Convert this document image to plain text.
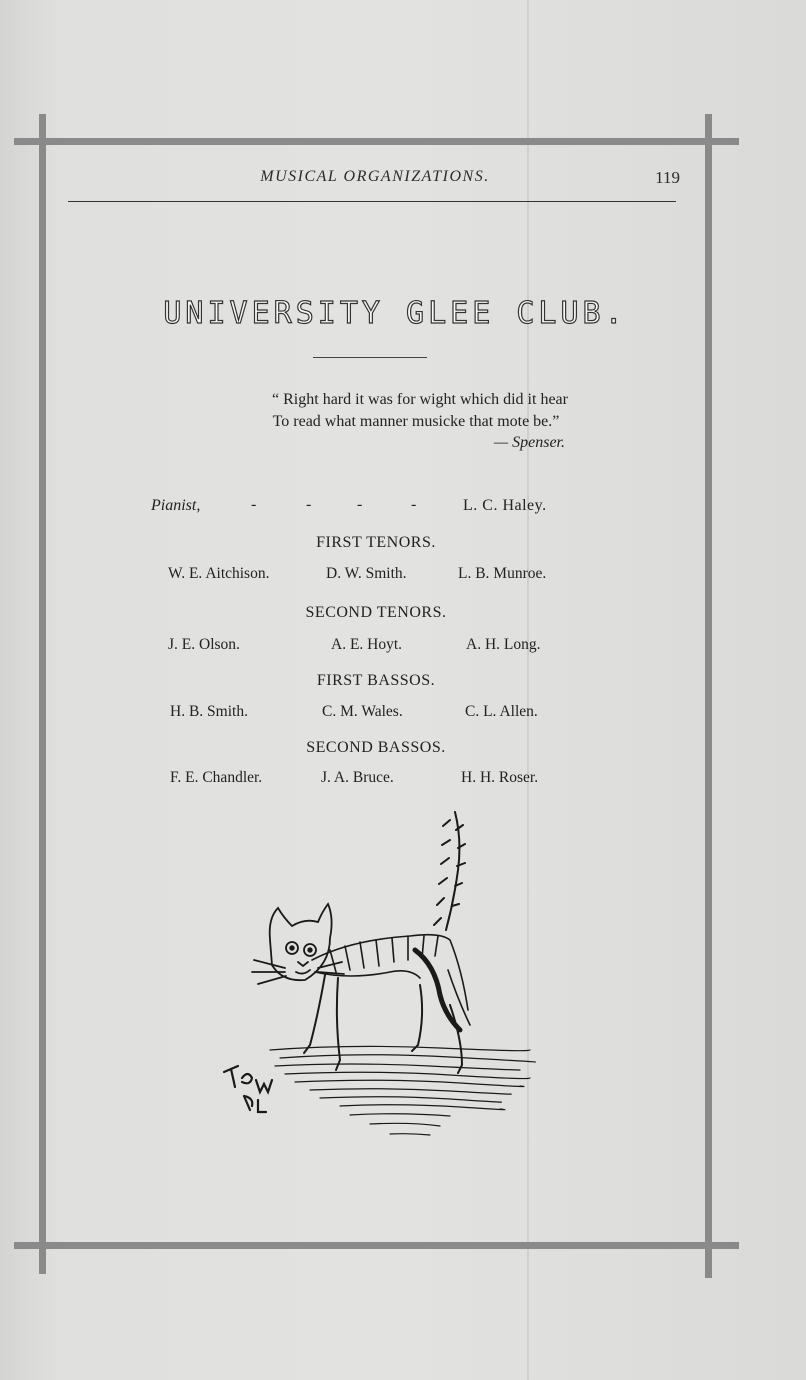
MUSICAL ORGANIZATIONS.	119
UNIVERSITY GLEE CLUB.
“ Right hard it was for wight which did it hear
To read what manner musicke that mote be.”
— Spenser.
Pianist,	-	-	-	-	L. C. Haley.
FIRST TENORS.
W. E. Aitchison.	D. W. Smith.	L. B. Munroe.
SECOND TENORS.
J. E. Olson.	A. E. Hoyt.	A. H. Long.
FIRST BASSOS.
H. B. Smith.	C. M. Wales.	C. L. Allen.
SECOND BASSOS.
F. E. Chandler.	J. A. Bruce.	H. H. Roser.
